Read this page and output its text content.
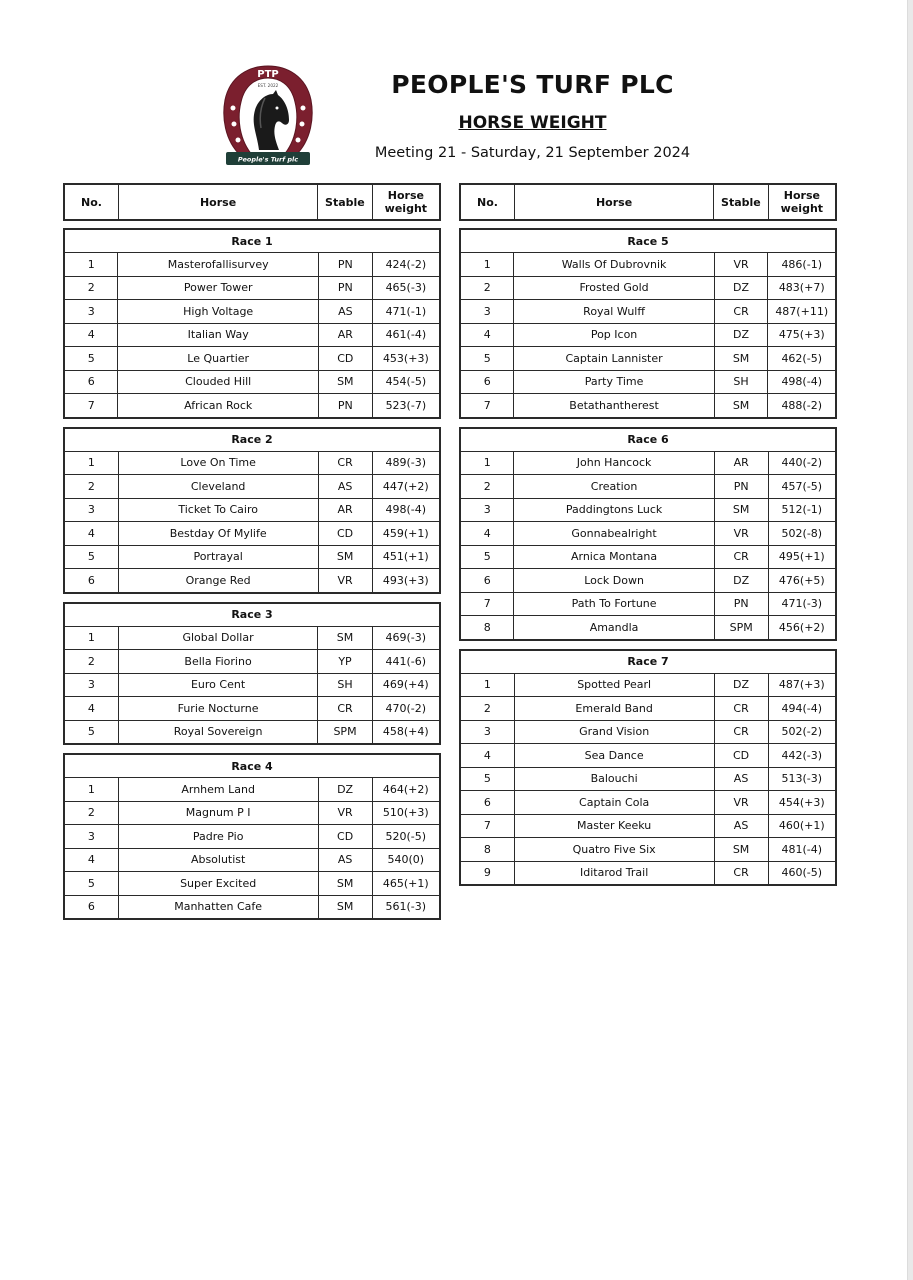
PTP
EST. 2022
People's Turf plc
PEOPLE'S TURF PLC
HORSE WEIGHT
Meeting 21 - Saturday, 21 September 2024
No.	Horse	Stable	Horse weight
Race 1			
1	Masterofallisurvey	PN	424(-2)
2	Power Tower	PN	465(-3)
3	High Voltage	AS	471(-1)
4	Italian Way	AR	461(-4)
5	Le Quartier	CD	453(+3)
6	Clouded Hill	SM	454(-5)
7	African Rock	PN	523(-7)
Race 2			
1	Love On Time	CR	489(-3)
2	Cleveland	AS	447(+2)
3	Ticket To Cairo	AR	498(-4)
4	Bestday Of Mylife	CD	459(+1)
5	Portrayal	SM	451(+1)
6	Orange Red	VR	493(+3)
Race 3			
1	Global Dollar	SM	469(-3)
2	Bella Fiorino	YP	441(-6)
3	Euro Cent	SH	469(+4)
4	Furie Nocturne	CR	470(-2)
5	Royal Sovereign	SPM	458(+4)
Race 4			
1	Arnhem Land	DZ	464(+2)
2	Magnum P I	VR	510(+3)
3	Padre Pio	CD	520(-5)
4	Absolutist	AS	540(0)
5	Super Excited	SM	465(+1)
6	Manhatten Cafe	SM	561(-3)
No.	Horse	Stable	Horse weight
Race 5			
1	Walls Of Dubrovnik	VR	486(-1)
2	Frosted Gold	DZ	483(+7)
3	Royal Wulff	CR	487(+11)
4	Pop Icon	DZ	475(+3)
5	Captain Lannister	SM	462(-5)
6	Party Time	SH	498(-4)
7	Betathantherest	SM	488(-2)
Race 6			
1	John Hancock	AR	440(-2)
2	Creation	PN	457(-5)
3	Paddingtons Luck	SM	512(-1)
4	Gonnabealright	VR	502(-8)
5	Arnica Montana	CR	495(+1)
6	Lock Down	DZ	476(+5)
7	Path To Fortune	PN	471(-3)
8	Amandla	SPM	456(+2)
Race 7			
1	Spotted Pearl	DZ	487(+3)
2	Emerald Band	CR	494(-4)
3	Grand Vision	CR	502(-2)
4	Sea Dance	CD	442(-3)
5	Balouchi	AS	513(-3)
6	Captain Cola	VR	454(+3)
7	Master Keeku	AS	460(+1)
8	Quatro Five Six	SM	481(-4)
9	Iditarod Trail	CR	460(-5)
